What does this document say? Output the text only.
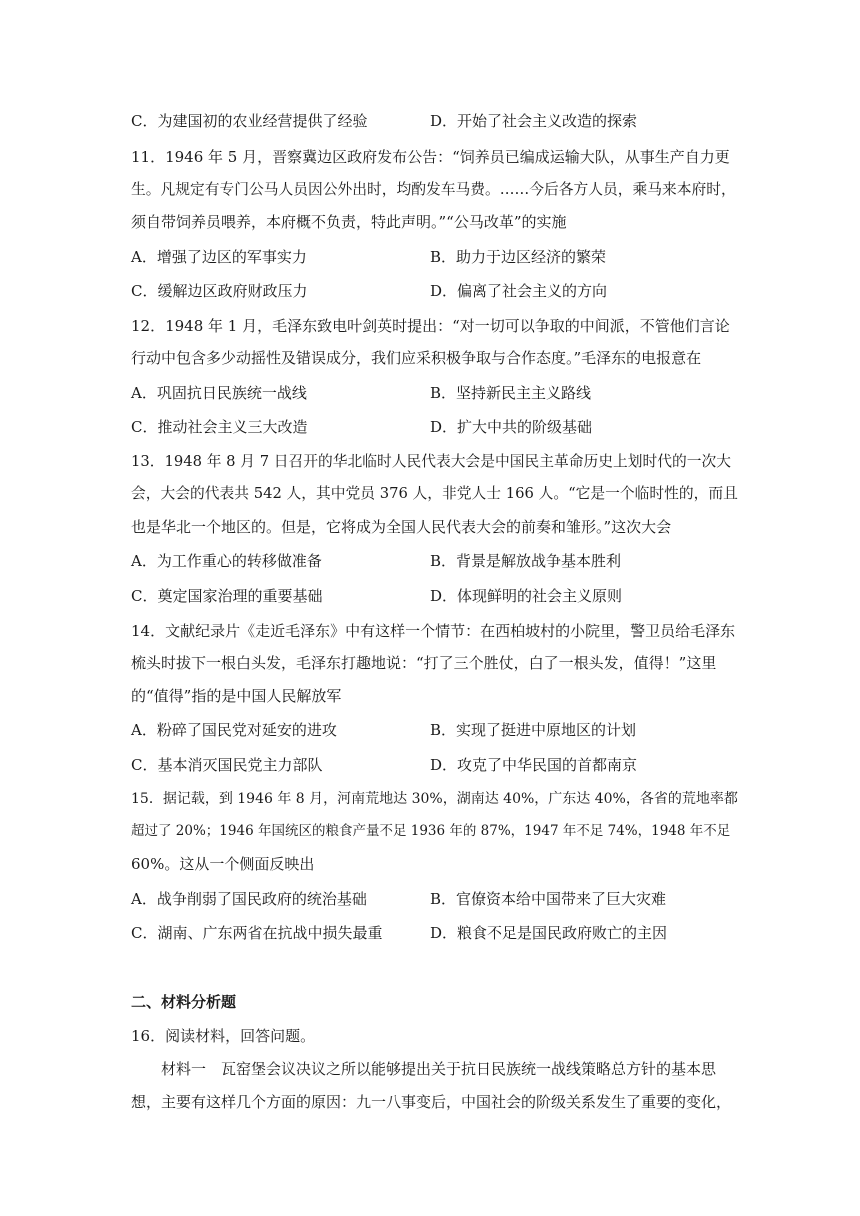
C．为建国初的农业经营提供了经验	D．开始了社会主义改造的探索
11．1946 年 5 月，晋察冀边区政府发布公告：“饲养员已编成运输大队，从事生产自力更
生。凡规定有专门公马人员因公外出时，均酌发车马费。……今后各方人员，乘马来本府时，
须自带饲养员喂养，本府概不负责，特此声明。”“公马改革”的实施
A．增强了边区的军事实力	B．助力于边区经济的繁荣
C．缓解边区政府财政压力	D．偏离了社会主义的方向
12．1948 年 1 月，毛泽东致电叶剑英时提出：“对一切可以争取的中间派，不管他们言论
行动中包含多少动摇性及错误成分，我们应采积极争取与合作态度。”毛泽东的电报意在
A．巩固抗日民族统一战线	B．坚持新民主主义路线
C．推动社会主义三大改造	D．扩大中共的阶级基础
13．1948 年 8 月 7 日召开的华北临时人民代表大会是中国民主革命历史上划时代的一次大
会，大会的代表共 542 人，其中党员 376 人，非党人士 166 人。“它是一个临时性的，而且
也是华北一个地区的。但是，它将成为全国人民代表大会的前奏和雏形。”这次大会
A．为工作重心的转移做准备	B．背景是解放战争基本胜利
C．奠定国家治理的重要基础	D．体现鲜明的社会主义原则
14．文献纪录片《走近毛泽东》中有这样一个情节：在西柏坡村的小院里，警卫员给毛泽东
梳头时拔下一根白头发，毛泽东打趣地说：“打了三个胜仗，白了一根头发，值得！”这里
的“值得”指的是中国人民解放军
A．粉碎了国民党对延安的进攻	B．实现了挺进中原地区的计划
C．基本消灭国民党主力部队	D．攻克了中华民国的首都南京
15．据记载，到 1946 年 8 月，河南荒地达 30%，湖南达 40%，广东达 40%，各省的荒地率都
超过了 20%；1946 年国统区的粮食产量不足 1936 年的 87%，1947 年不足 74%，1948 年不足
60%。这从一个侧面反映出
A．战争削弱了国民政府的统治基础	B．官僚资本给中国带来了巨大灾难
C．湖南、广东两省在抗战中损失最重	D．粮食不足是国民政府败亡的主因
二、材料分析题
16．阅读材料，回答问题。
材料一　瓦窑堡会议决议之所以能够提出关于抗日民族统一战线策略总方针的基本思
想，主要有这样几个方面的原因：九一八事变后，中国社会的阶级关系发生了重要的变化，
